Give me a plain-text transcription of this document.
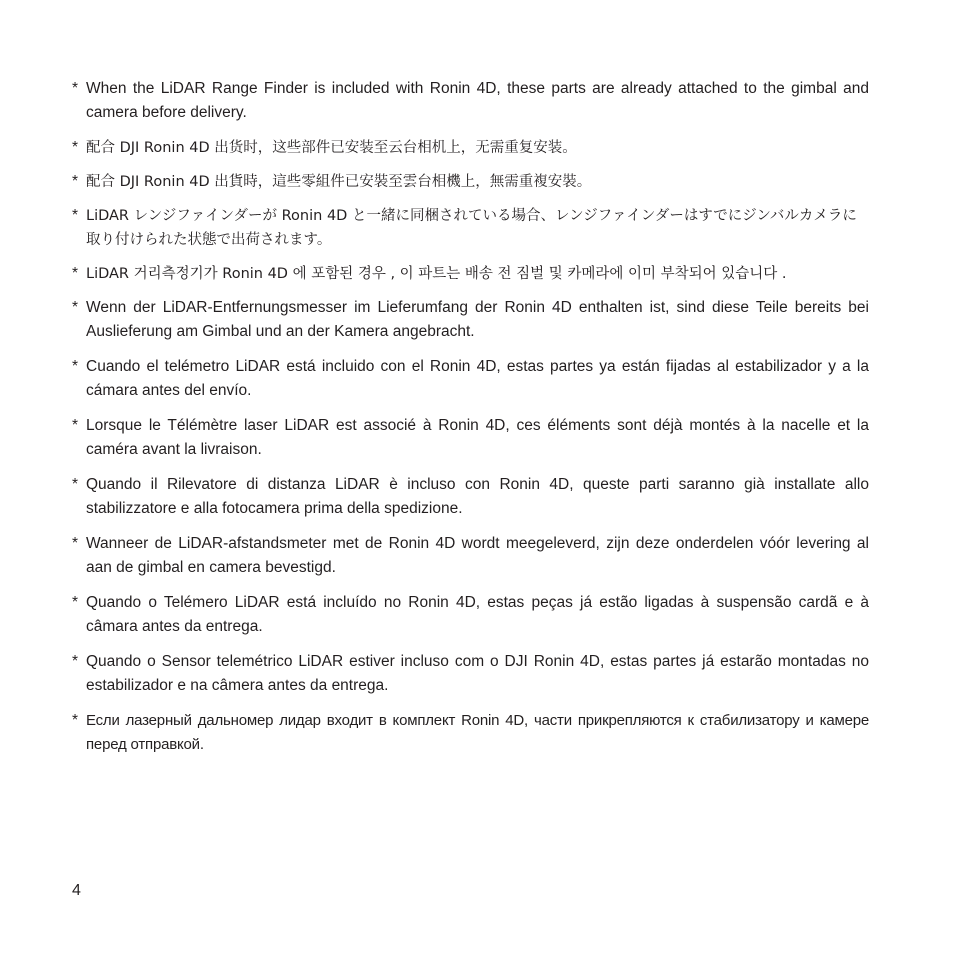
* When the LiDAR Range Finder is included with Ronin 4D, these parts are already attached to the gimbal and camera before delivery.
* 配合 DJI Ronin 4D 出货时，这些部件已安装至云台相机上，无需重复安装。
* 配合 DJI Ronin 4D 出貨時，這些零組件已安裝至雲台相機上，無需重複安裝。
* LiDAR レンジファインダーが Ronin 4D と一緒に同梱されている場合、レンジファインダーはすでにジンバルカメラに取り付けられた状態で出荷されます。
* LiDAR 거리측정기가 Ronin 4D 에 포함된 경우 , 이 파트는 배송 전 짐벌 및 카메라에 이미 부착되어 있습니다 .
* Wenn der LiDAR-Entfernungsmesser im Lieferumfang der Ronin 4D enthalten ist, sind diese Teile bereits bei Auslieferung am Gimbal und an der Kamera angebracht.
* Cuando el telémetro LiDAR está incluido con el Ronin 4D, estas partes ya están fijadas al estabilizador y a la cámara antes del envío.
* Lorsque le Télémètre laser LiDAR est associé à Ronin 4D, ces éléments sont déjà montés à la nacelle et la caméra avant la livraison.
* Quando il Rilevatore di distanza LiDAR è incluso con Ronin 4D, queste parti saranno già installate allo stabilizzatore e alla fotocamera prima della spedizione.
* Wanneer de LiDAR-afstandsmeter met de Ronin 4D wordt meegeleverd, zijn deze onderdelen vóór levering al aan de gimbal en camera bevestigd.
* Quando o Telémero LiDAR está incluído no Ronin 4D, estas peças já estão ligadas à suspensão cardã e à câmara antes da entrega.
* Quando o Sensor telemétrico LiDAR estiver incluso com o DJI Ronin 4D, estas partes já estarão montadas no estabilizador e na câmera antes da entrega.
* Если лазерный дальномер лидар входит в комплект Ronin 4D, части прикрепляются к стабилизатору и камере перед отправкой.
4
